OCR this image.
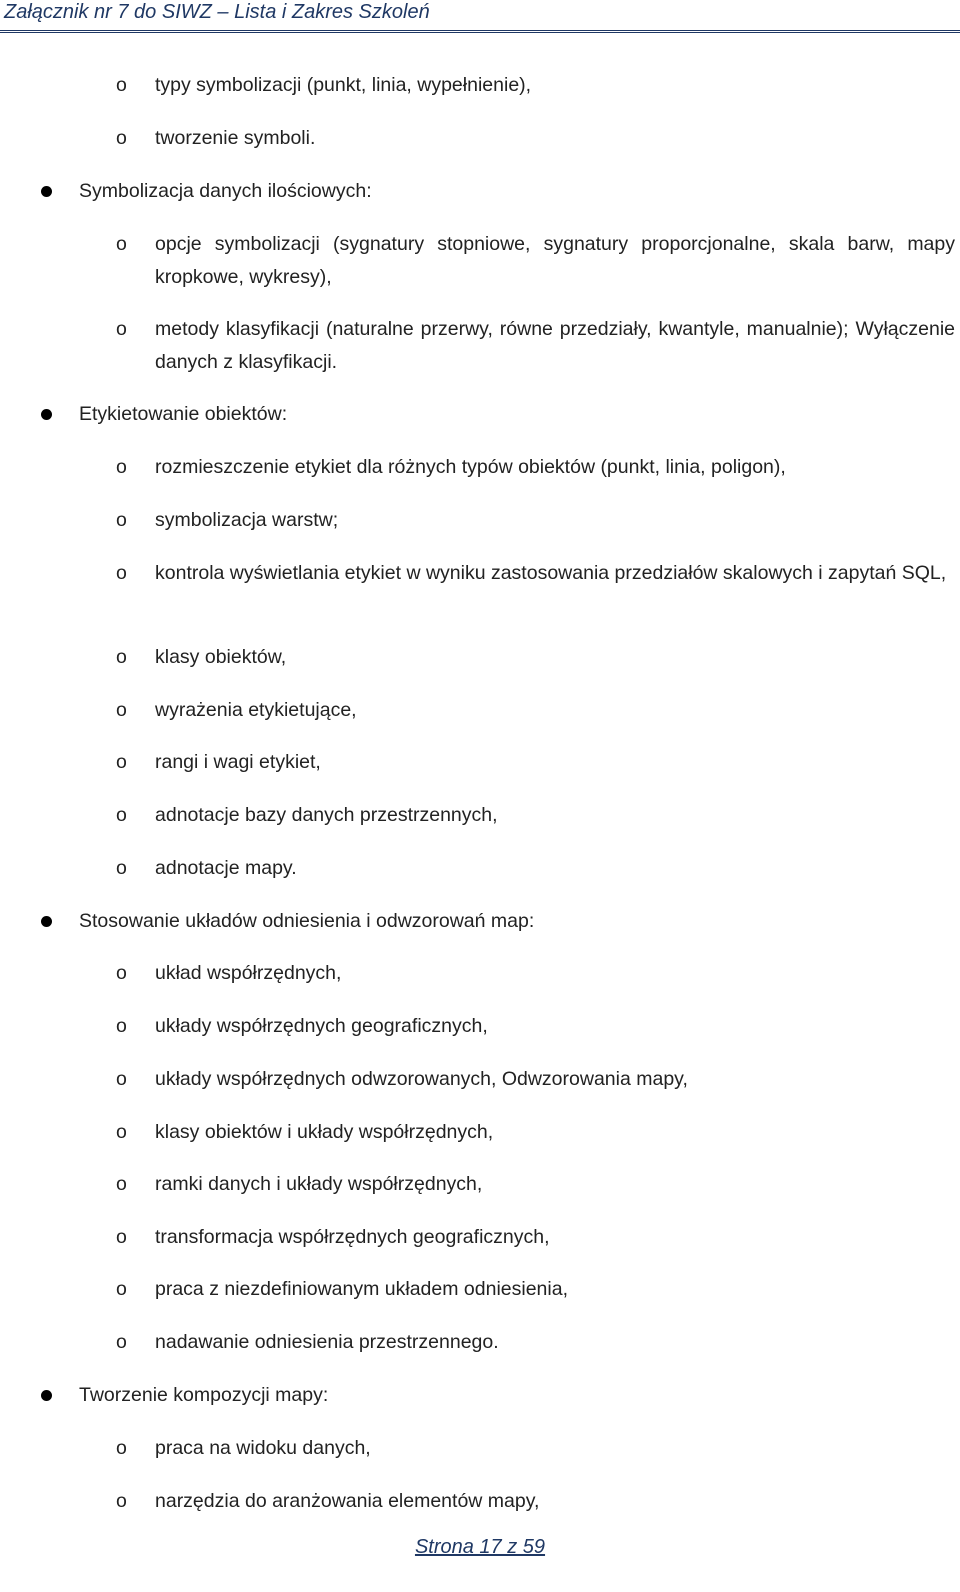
Załącznik nr 7 do SIWZ – Lista i Zakres Szkoleń
o typy symbolizacji (punkt, linia, wypełnienie),
o tworzenie symboli.
Symbolizacja danych ilościowych:
o opcje symbolizacji (sygnatury stopniowe, sygnatury proporcjonalne, skala barw, mapy kropkowe, wykresy),
o metody klasyfikacji (naturalne przerwy, równe przedziały, kwantyle, manualnie); Wyłączenie danych z klasyfikacji.
Etykietowanie obiektów:
o rozmieszczenie etykiet dla różnych typów obiektów (punkt, linia, poligon),
o symbolizacja warstw;
o kontrola wyświetlania etykiet w wyniku zastosowania przedziałów skalowych i zapytań SQL,
o klasy obiektów,
o wyrażenia etykietujące,
o rangi i wagi etykiet,
o adnotacje bazy danych przestrzennych,
o adnotacje mapy.
Stosowanie układów odniesienia i odwzorowań map:
o układ współrzędnych,
o układy współrzędnych geograficznych,
o układy współrzędnych odwzorowanych, Odwzorowania mapy,
o klasy obiektów i układy współrzędnych,
o ramki danych i układy współrzędnych,
o transformacja współrzędnych geograficznych,
o praca z niezdefiniowanym układem odniesienia,
o nadawanie odniesienia przestrzennego.
Tworzenie kompozycji mapy:
o praca na widoku danych,
o narzędzia do aranżowania elementów mapy,
Strona 17 z 59
